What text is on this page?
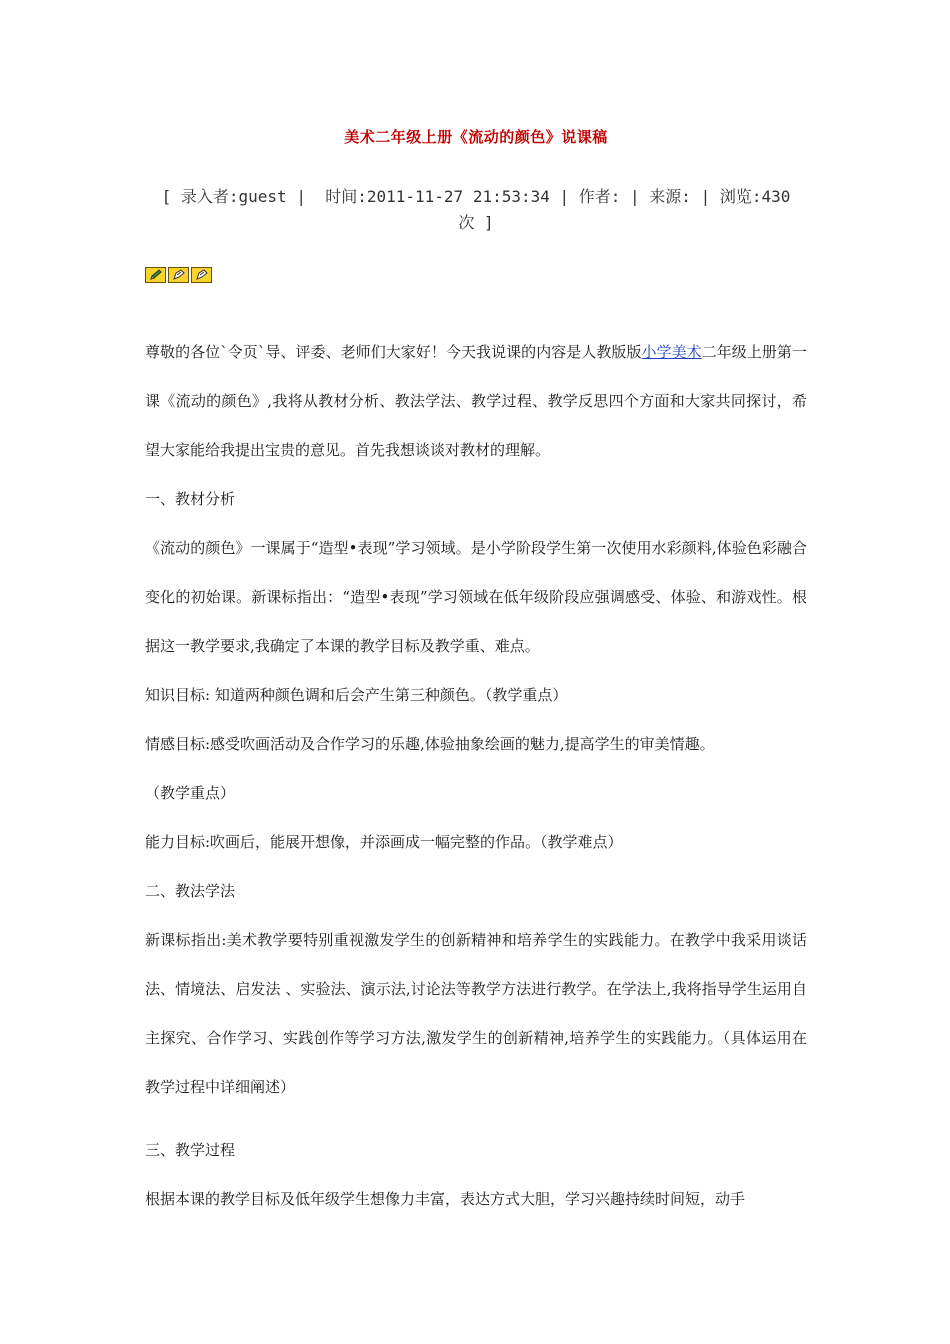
美术二年级上册《流动的颜色》说课稿
[ 录入者:guest |  时间:2011-11-27 21:53:34 | 作者: | 来源: | 浏览:430
次 ]

尊敬的各位`令页`导、评委、老师们大家好！今天我说课的内容是人教版版小学美术二年级上册第一课《流动的颜色》,我将从教材分析、教法学法、教学过程、教学反思四个方面和大家共同探讨，希望大家能给我提出宝贵的意见。首先我想谈谈对教材的理解。

一、教材分析

《流动的颜色》一课属于“造型•表现”学习领域。是小学阶段学生第一次使用水彩颜料,体验色彩融合变化的初始课。新课标指出：“造型•表现”学习领域在低年级阶段应强调感受、体验、和游戏性。根据这一教学要求,我确定了本课的教学目标及教学重、难点。

知识目标: 知道两种颜色调和后会产生第三种颜色。（教学重点）

情感目标:感受吹画活动及合作学习的乐趣,体验抽象绘画的魅力,提高学生的审美情趣。

（教学重点）

能力目标:吹画后，能展开想像，并添画成一幅完整的作品。（教学难点）

二、教法学法

新课标指出:美术教学要特别重视激发学生的创新精神和培养学生的实践能力。在教学中我采用谈话法、情境法、启发法 、实验法、演示法,讨论法等教学方法进行教学。在学法上,我将指导学生运用自主探究、合作学习、实践创作等学习方法,激发学生的创新精神,培养学生的实践能力。（具体运用在教学过程中详细阐述）

三、教学过程

根据本课的教学目标及低年级学生想像力丰富，表达方式大胆，学习兴趣持续时间短，动手
